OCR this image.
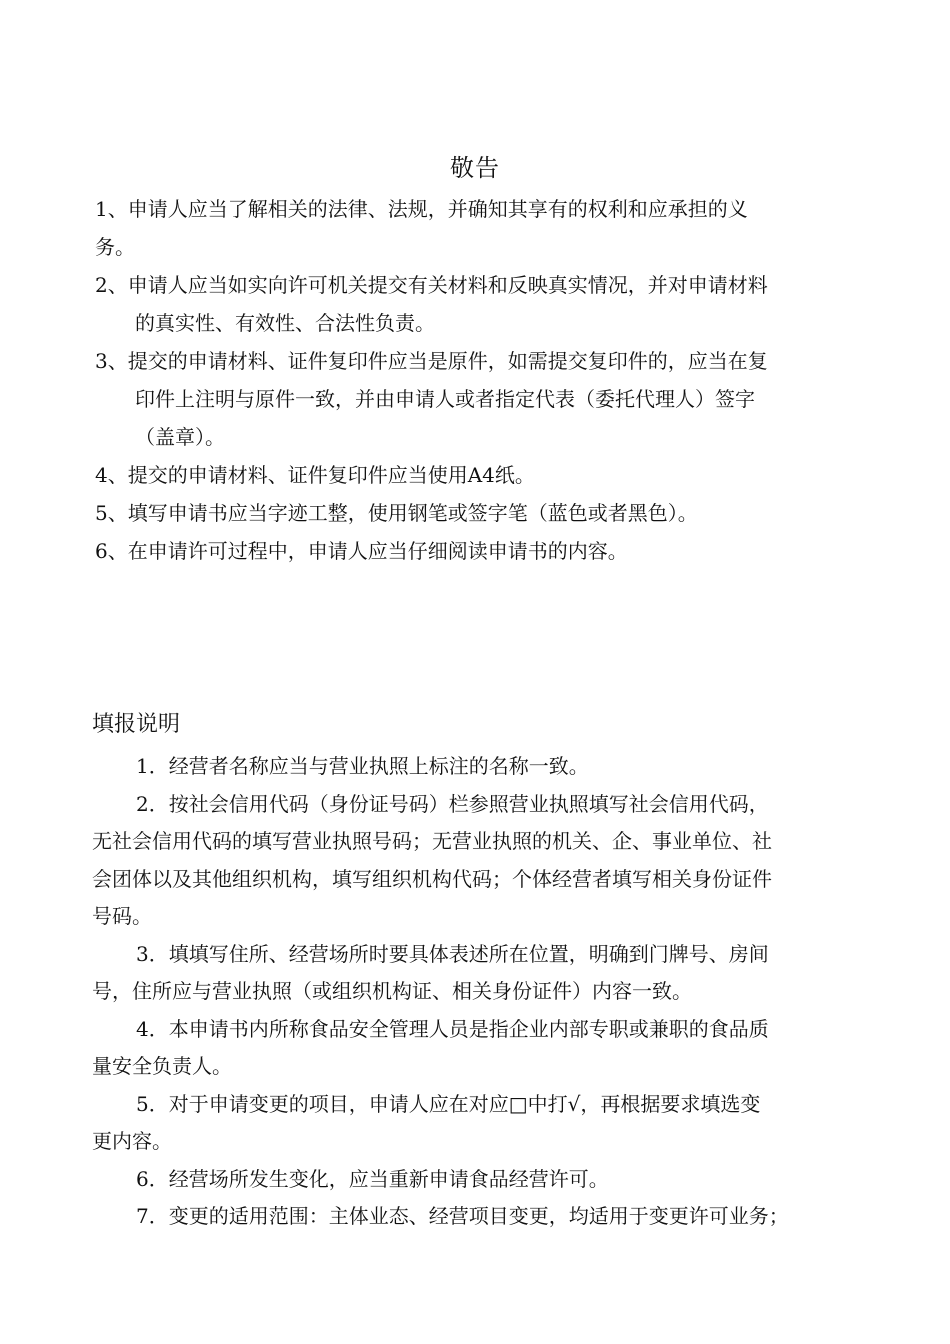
敬告
1、申请人应当了解相关的法律、法规，并确知其享有的权利和应承担的义
务。
2、申请人应当如实向许可机关提交有关材料和反映真实情况，并对申请材料
的真实性、有效性、合法性负责。
3、提交的申请材料、证件复印件应当是原件，如需提交复印件的，应当在复
印件上注明与原件一致，并由申请人或者指定代表（委托代理人）签字
（盖章）。
4、提交的申请材料、证件复印件应当使用A4纸。
5、填写申请书应当字迹工整，使用钢笔或签字笔（蓝色或者黑色）。
6、在申请许可过程中，申请人应当仔细阅读申请书的内容。
填报说明
1．经营者名称应当与营业执照上标注的名称一致。
2．按社会信用代码（身份证号码）栏参照营业执照填写社会信用代码，
无社会信用代码的填写营业执照号码；无营业执照的机关、企、事业单位、社
会团体以及其他组织机构，填写组织机构代码；个体经营者填写相关身份证件
号码。
3．填填写住所、经营场所时要具体表述所在位置，明确到门牌号、房间
号，住所应与营业执照（或组织机构证、相关身份证件）内容一致。
4．本申请书内所称食品安全管理人员是指企业内部专职或兼职的食品质
量安全负责人。
5．对于申请变更的项目，申请人应在对应□中打√，再根据要求填选变
更内容。
6．经营场所发生变化，应当重新申请食品经营许可。
7．变更的适用范围：主体业态、经营项目变更，均适用于变更许可业务；
